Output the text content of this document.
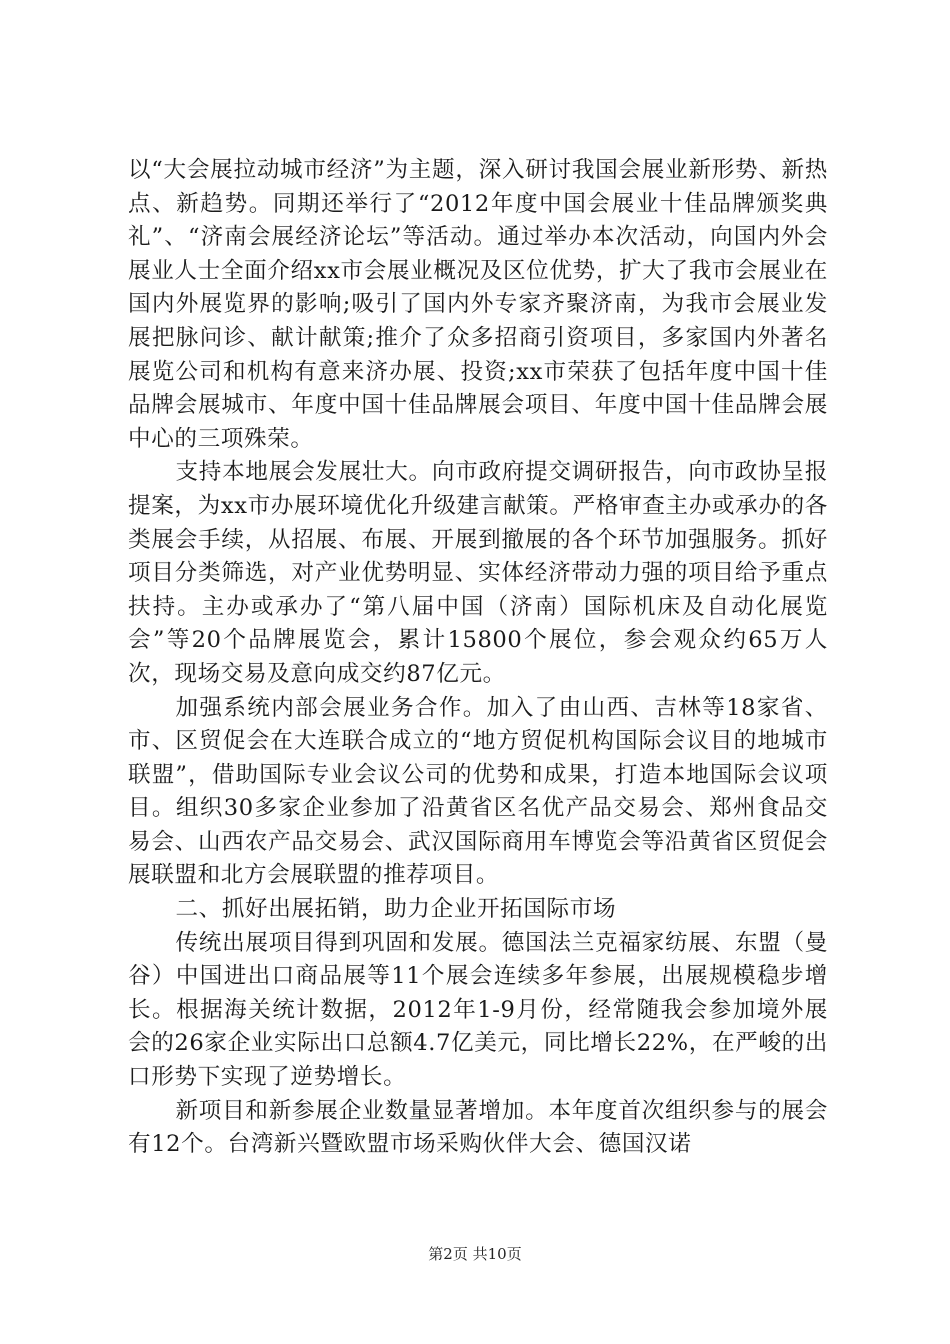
以“大会展拉动城市经济”为主题，深入研讨我国会展业新形势、新热点、新趋势。同期还举行了“2012年度中国会展业十佳品牌颁奖典礼”、“济南会展经济论坛”等活动。通过举办本次活动，向国内外会展业人士全面介绍xx市会展业概况及区位优势，扩大了我市会展业在国内外展览界的影响;吸引了国内外专家齐聚济南，为我市会展业发展把脉问诊、献计献策;推介了众多招商引资项目，多家国内外著名展览公司和机构有意来济办展、投资;xx市荣获了包括年度中国十佳品牌会展城市、年度中国十佳品牌展会项目、年度中国十佳品牌会展中心的三项殊荣。

支持本地展会发展壮大。向市政府提交调研报告，向市政协呈报提案，为xx市办展环境优化升级建言献策。严格审查主办或承办的各类展会手续，从招展、布展、开展到撤展的各个环节加强服务。抓好项目分类筛选，对产业优势明显、实体经济带动力强的项目给予重点扶持。主办或承办了“第八届中国（济南）国际机床及自动化展览会”等20个品牌展览会，累计15800个展位，参会观众约65万人次，现场交易及意向成交约87亿元。

加强系统内部会展业务合作。加入了由山西、吉林等18家省、市、区贸促会在大连联合成立的“地方贸促机构国际会议目的地城市联盟”，借助国际专业会议公司的优势和成果，打造本地国际会议项目。组织30多家企业参加了沿黄省区名优产品交易会、郑州食品交易会、山西农产品交易会、武汉国际商用车博览会等沿黄省区贸促会展联盟和北方会展联盟的推荐项目。

二、抓好出展拓销，助力企业开拓国际市场

传统出展项目得到巩固和发展。德国法兰克福家纺展、东盟（曼谷）中国进出口商品展等11个展会连续多年参展，出展规模稳步增长。根据海关统计数据，2012年1-9月份，经常随我会参加境外展会的26家企业实际出口总额4.7亿美元，同比增长22%，在严峻的出口形势下实现了逆势增长。

新项目和新参展企业数量显著增加。本年度首次组织参与的展会有12个。台湾新兴暨欧盟市场采购伙伴大会、德国汉诺

第2页 共10页
